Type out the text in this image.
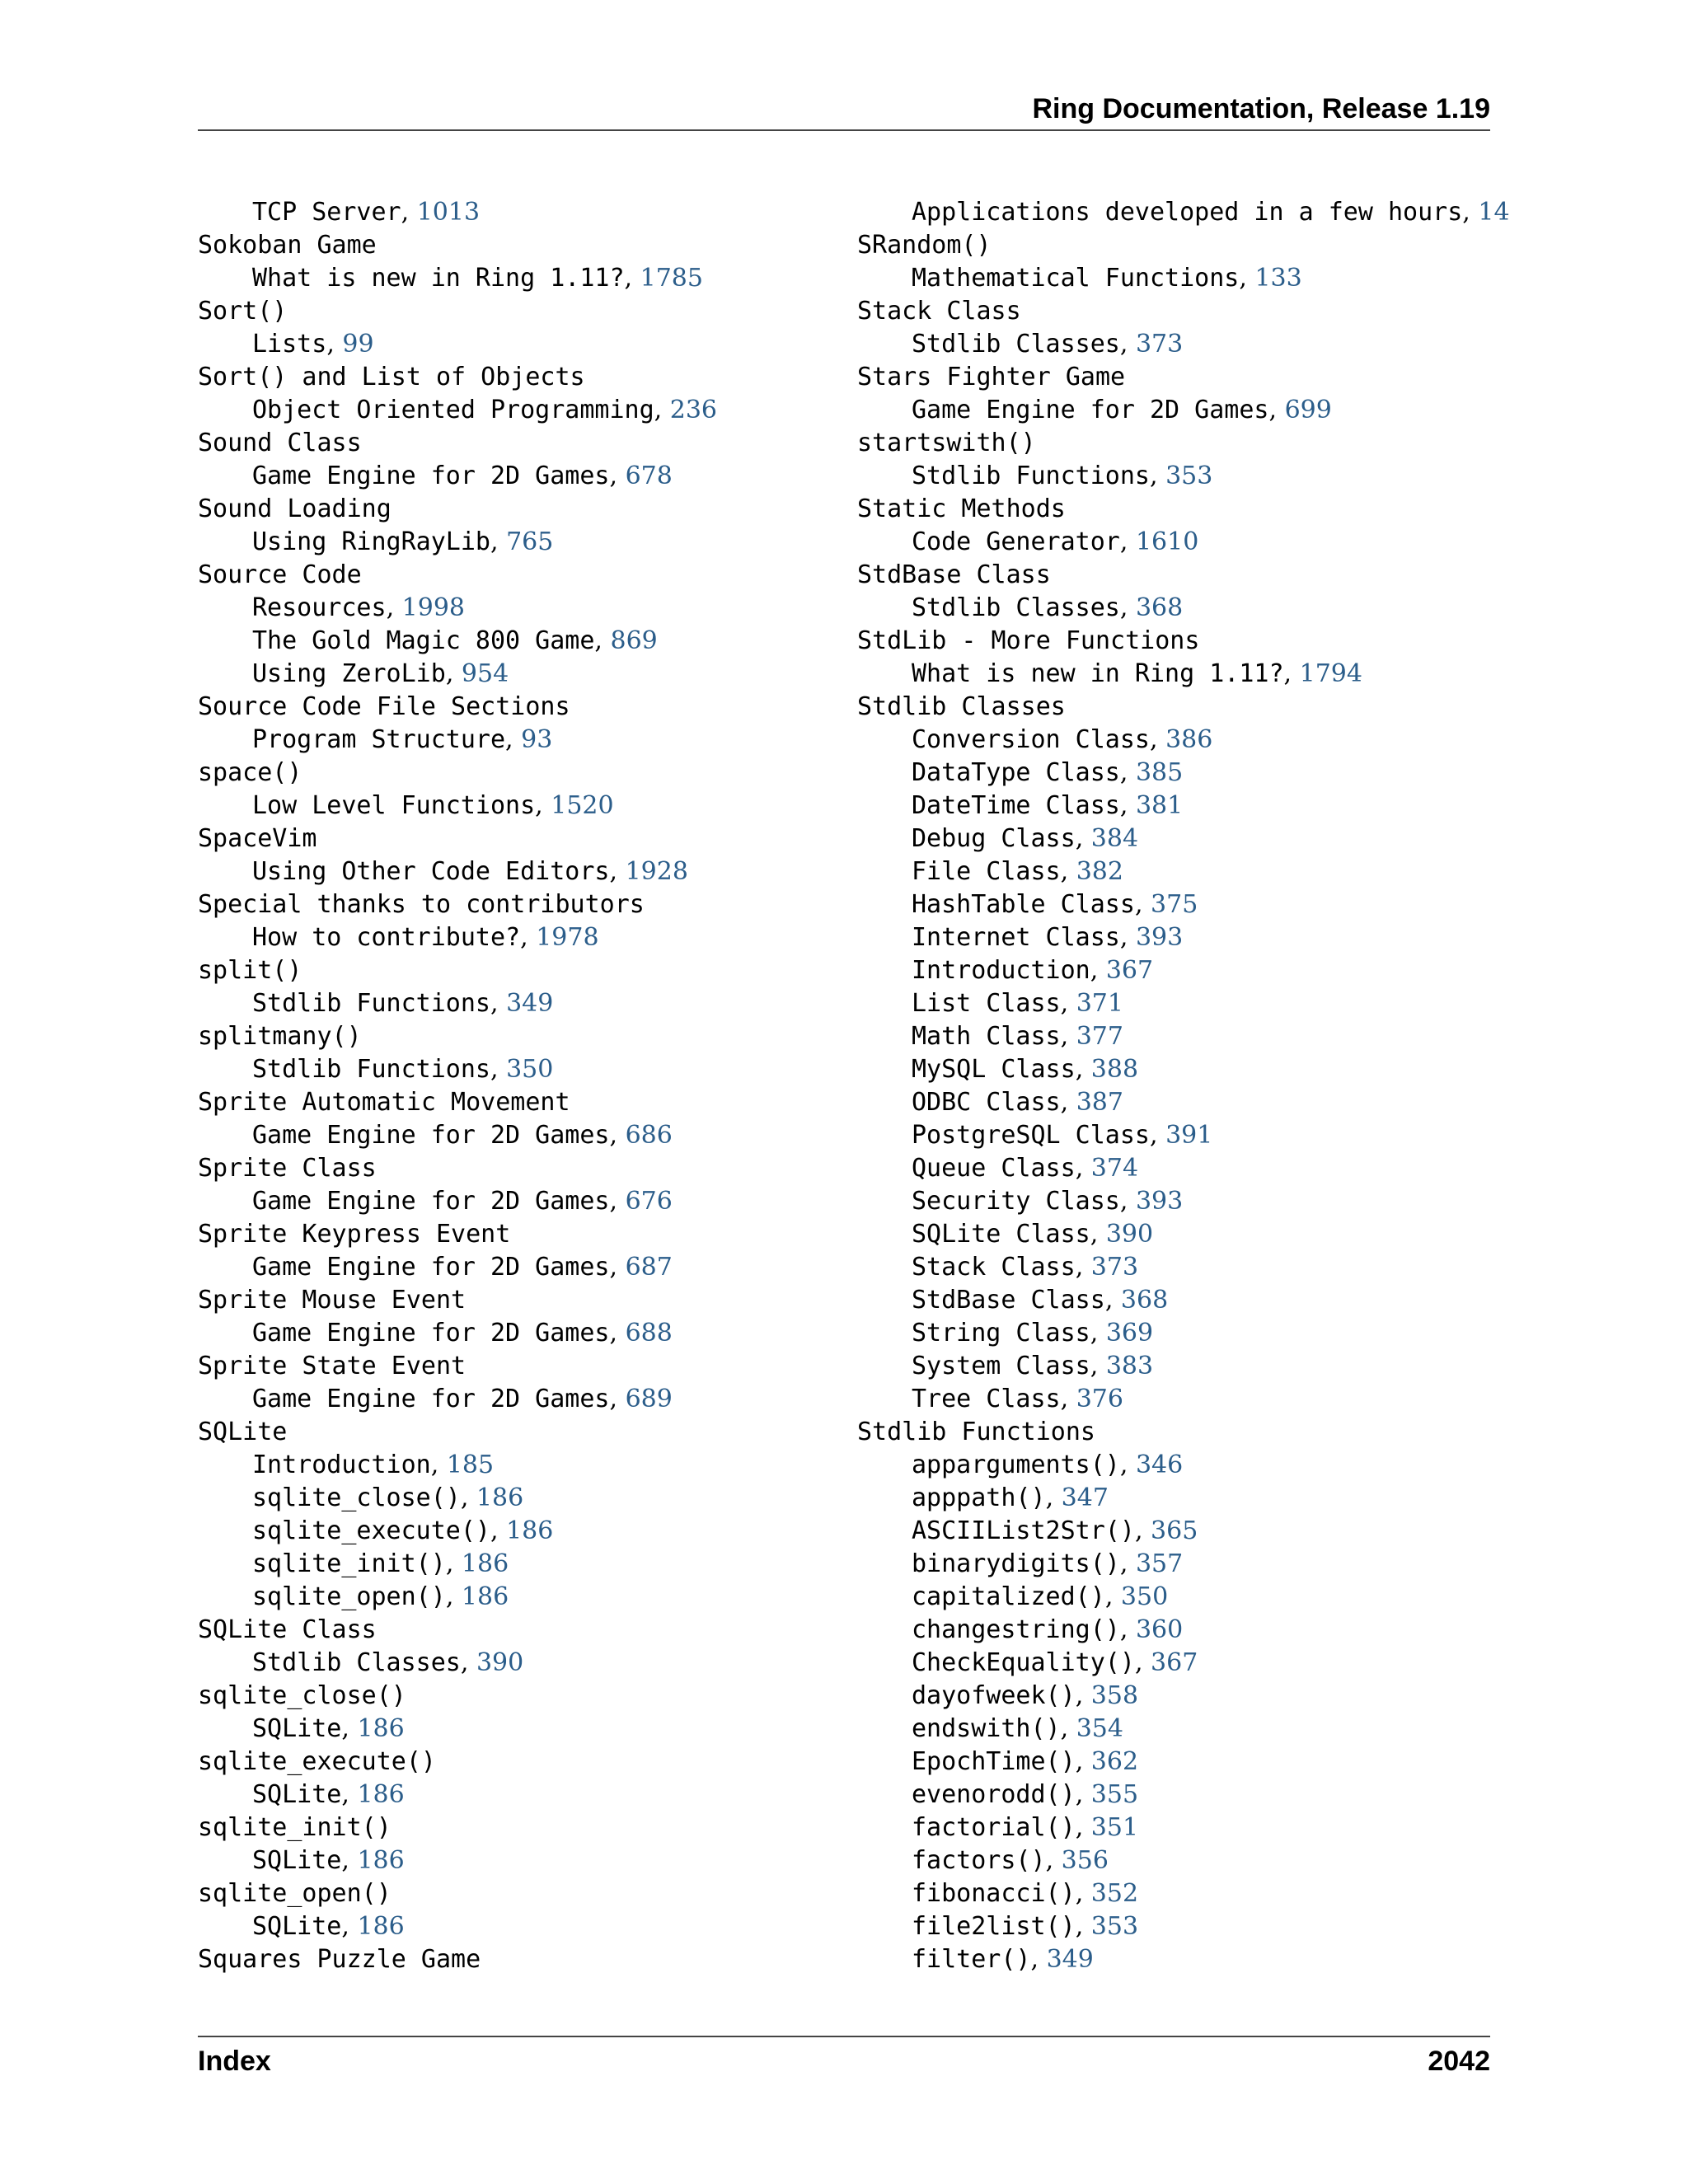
Ring Documentation, Release 1.19
TCP Server, 1013
Sokoban Game
What is new in Ring 1.11?, 1785
Sort()
Lists, 99
Sort() and List of Objects
Object Oriented Programming, 236
Sound Class
Game Engine for 2D Games, 678
Sound Loading
Using RingRayLib, 765
Source Code
Resources, 1998
The Gold Magic 800 Game, 869
Using ZeroLib, 954
Source Code File Sections
Program Structure, 93
space()
Low Level Functions, 1520
SpaceVim
Using Other Code Editors, 1928
Special thanks to contributors
How to contribute?, 1978
split()
Stdlib Functions, 349
splitmany()
Stdlib Functions, 350
Sprite Automatic Movement
Game Engine for 2D Games, 686
Sprite Class
Game Engine for 2D Games, 676
Sprite Keypress Event
Game Engine for 2D Games, 687
Sprite Mouse Event
Game Engine for 2D Games, 688
Sprite State Event
Game Engine for 2D Games, 689
SQLite
Introduction, 185
sqlite_close(), 186
sqlite_execute(), 186
sqlite_init(), 186
sqlite_open(), 186
SQLite Class
Stdlib Classes, 390
sqlite_close()
SQLite, 186
sqlite_execute()
SQLite, 186
sqlite_init()
SQLite, 186
sqlite_open()
SQLite, 186
Squares Puzzle Game
Applications developed in a few hours, 14
SRandom()
Mathematical Functions, 133
Stack Class
Stdlib Classes, 373
Stars Fighter Game
Game Engine for 2D Games, 699
startswith()
Stdlib Functions, 353
Static Methods
Code Generator, 1610
StdBase Class
Stdlib Classes, 368
StdLib - More Functions
What is new in Ring 1.11?, 1794
Stdlib Classes
Conversion Class, 386
DataType Class, 385
DateTime Class, 381
Debug Class, 384
File Class, 382
HashTable Class, 375
Internet Class, 393
Introduction, 367
List Class, 371
Math Class, 377
MySQL Class, 388
ODBC Class, 387
PostgreSQL Class, 391
Queue Class, 374
Security Class, 393
SQLite Class, 390
Stack Class, 373
StdBase Class, 368
String Class, 369
System Class, 383
Tree Class, 376
Stdlib Functions
apparguments(), 346
apppath(), 347
ASCIIList2Str(), 365
binarydigits(), 357
capitalized(), 350
changestring(), 360
CheckEquality(), 367
dayofweek(), 358
endswith(), 354
EpochTime(), 362
evenorodd(), 355
factorial(), 351
factors(), 356
fibonacci(), 352
file2list(), 353
filter(), 349
Index	2042
